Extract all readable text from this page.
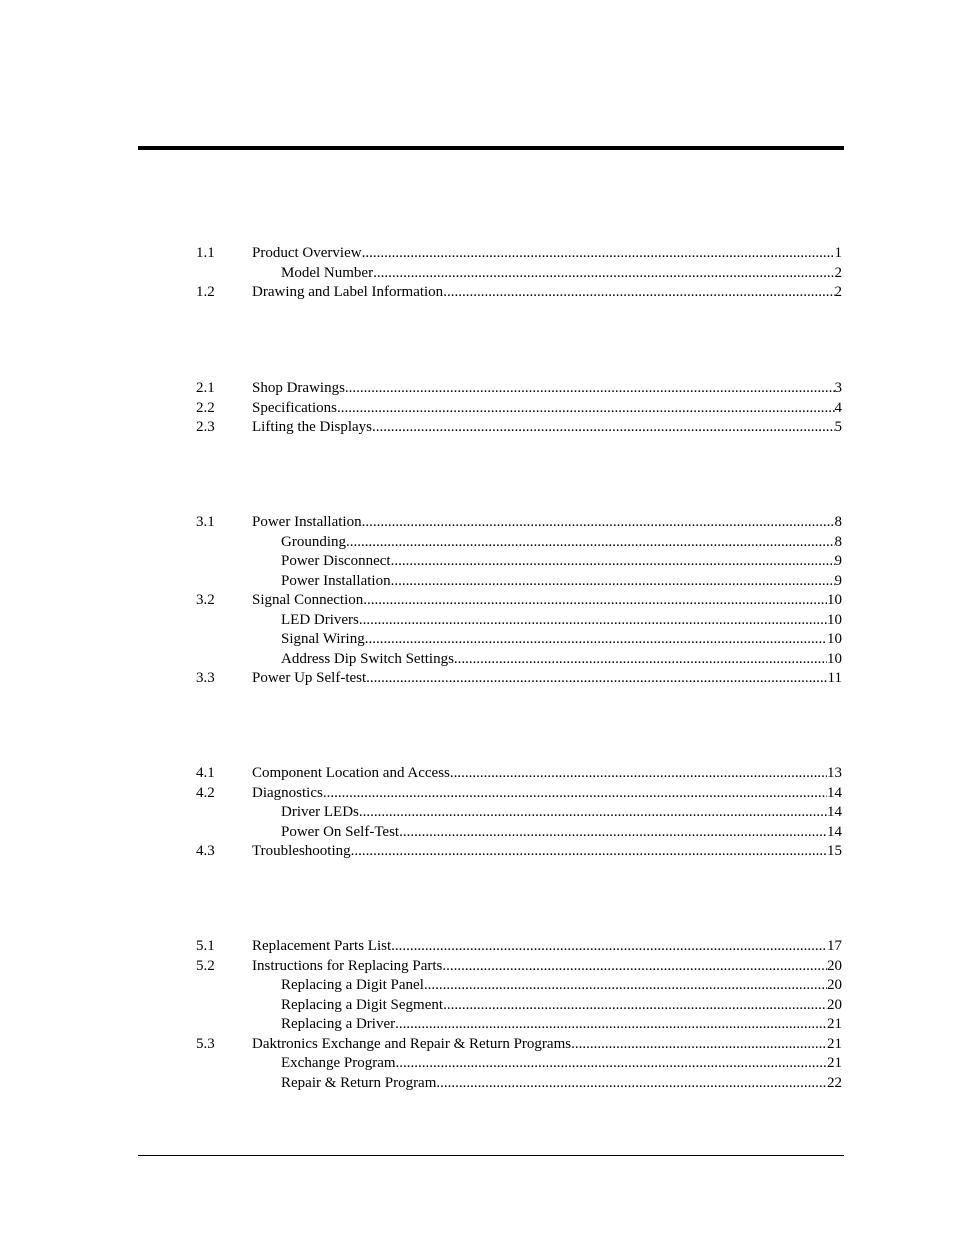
1.1 Product Overview .....	1
Model Number .....	2
1.2 Drawing and Label Information .....	2
2.1 Shop Drawings .....	3
2.2 Specifications .....	4
2.3 Lifting the Displays .....	5
3.1 Power Installation .....	8
Grounding .....	8
Power Disconnect .....	9
Power Installation .....	9
3.2 Signal Connection .....	10
LED Drivers .....	10
Signal Wiring .....	10
Address Dip Switch Settings .....	10
3.3 Power Up Self-test .....	11
4.1 Component Location and Access .....	13
4.2 Diagnostics .....	14
Driver LEDs .....	14
Power On Self-Test .....	14
4.3 Troubleshooting .....	15
5.1 Replacement Parts List .....	17
5.2 Instructions for Replacing Parts .....	20
Replacing a Digit Panel .....	20
Replacing a Digit Segment .....	20
Replacing a Driver .....	21
5.3 Daktronics Exchange and Repair & Return Programs .....	21
Exchange Program .....	21
Repair & Return Program .....	22
